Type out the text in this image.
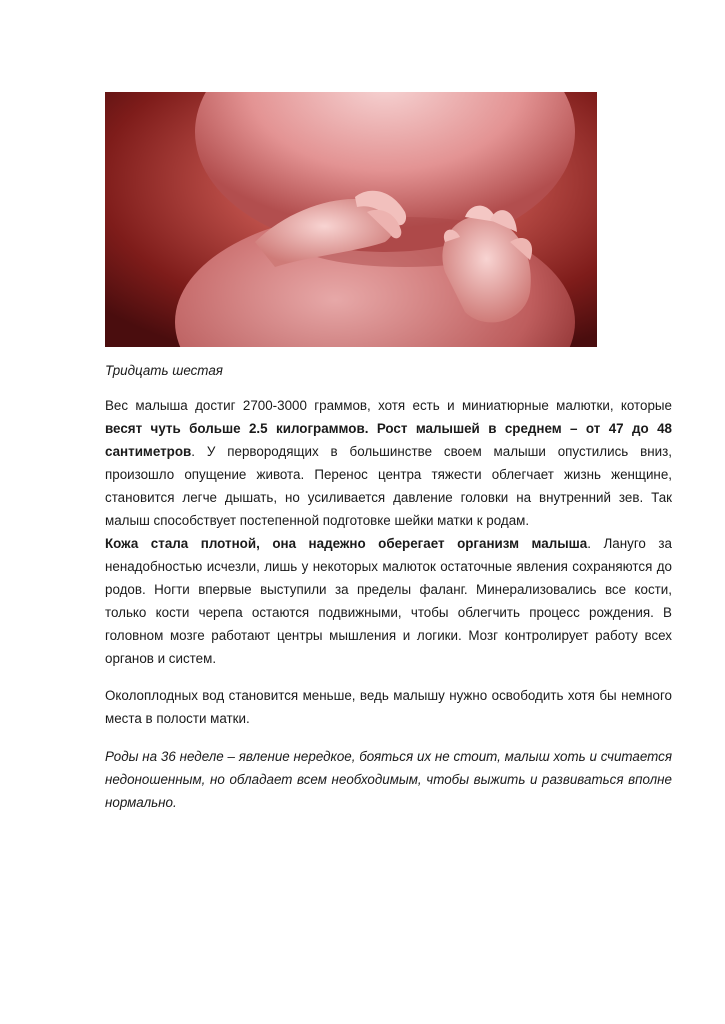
Тридцать шестая

Вес малыша достиг 2700-3000 граммов, хотя есть и миниатюрные малютки, которые весят чуть больше 2.5 килограммов. Рост малышей в среднем – от 47 до 48 сантиметров. У первородящих в большинстве своем малыши опустились вниз, произошло опущение живота. Перенос центра тяжести облегчает жизнь женщине, становится легче дышать, но усиливается давление головки на внутренний зев. Так малыш способствует постепенной подготовке шейки матки к родам.

Кожа стала плотной, она надежно оберегает организм малыша. Лануго за ненадобностью исчезли, лишь у некоторых малюток остаточные явления сохраняются до родов. Ногти впервые выступили за пределы фаланг. Минерализовались все кости, только кости черепа остаются подвижными, чтобы облегчить процесс рождения. В головном мозге работают центры мышления и логики. Мозг контролирует работу всех органов и систем.

Околоплодных вод становится меньше, ведь малышу нужно освободить хотя бы немного места в полости матки.

Роды на 36 неделе – явление нередкое, бояться их не стоит, малыш хоть и считается недоношенным, но обладает всем необходимым, чтобы выжить и развиваться вполне нормально.
